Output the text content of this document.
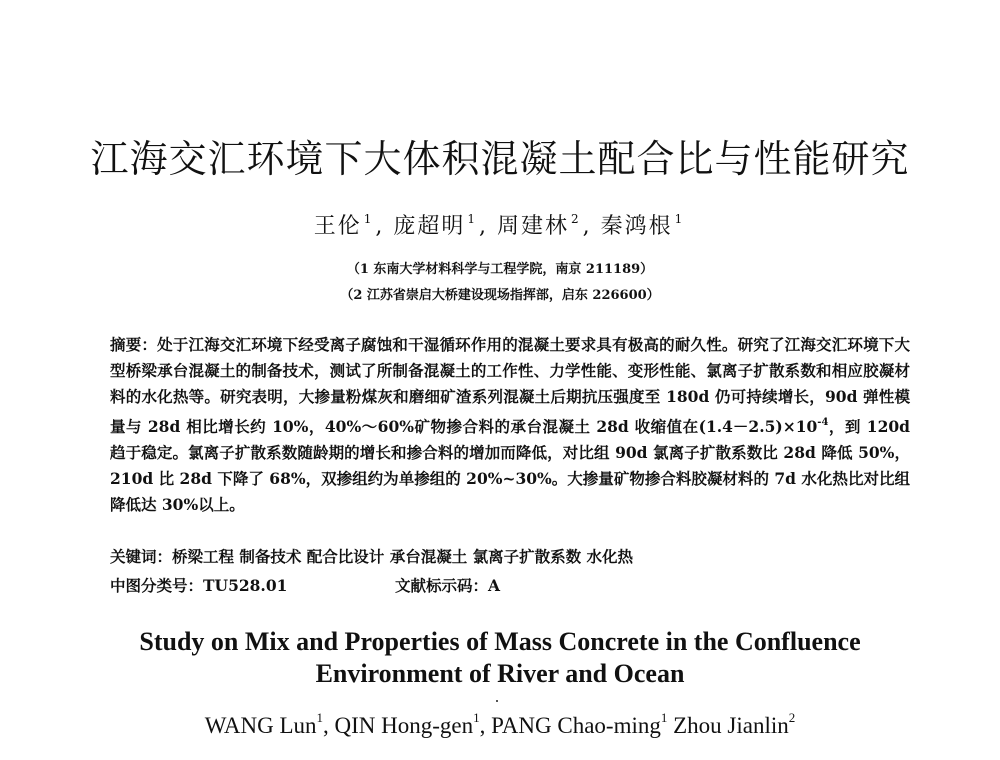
江海交汇环境下大体积混凝土配合比与性能研究
王伦 $^1$, 庞超明 $^1$, 周建林 $^2$, 秦鸿根 $^1$
（1 东南大学材料科学与工程学院，南京 211189）
（2 江苏省崇启大桥建设现场指挥部，启东 226600）
摘要：处于江海交汇环境下经受离子腐蚀和干湿循环作用的混凝土要求具有极高的耐久性。研究了江海交汇环境下大型桥梁承台混凝土的制备技术，测试了所制备混凝土的工作性、力学性能、变形性能、氯离子扩散系数和相应胶凝材料的水化热等。研究表明，大掺量粉煤灰和磨细矿渣系列混凝土后期抗压强度至 180d 仍可持续增长，90d 弹性模量与 28d 相比增长约 10%，40%～60%矿物掺合料的承台混凝土 28d 收缩值在$(1.4-2.5)\times 10^{-4}$，到 120d 趋于稳定。氯离子扩散系数随龄期的增长和掺合料的增加而降低，对比组 90d 氯离子扩散系数比 28d 降低 50%，210d 比 28d 下降了 68%，双掺组约为单掺组的 20%~30%。大掺量矿物掺合料胶凝材料的 7d 水化热比对比组降低达 30%以上。
关键词：桥梁工程 制备技术 配合比设计 承台混凝土 氯离子扩散系数 水化热
中图分类号：TU528.01	文献标示码：A
Study on Mix and Properties of Mass Concrete in the Confluence
Environment of River and Ocean
WANG Lun$^1$, QIN Hong-gen$^1$, PANG Chao-ming$^1$ Zhou Jianlin$^2$
